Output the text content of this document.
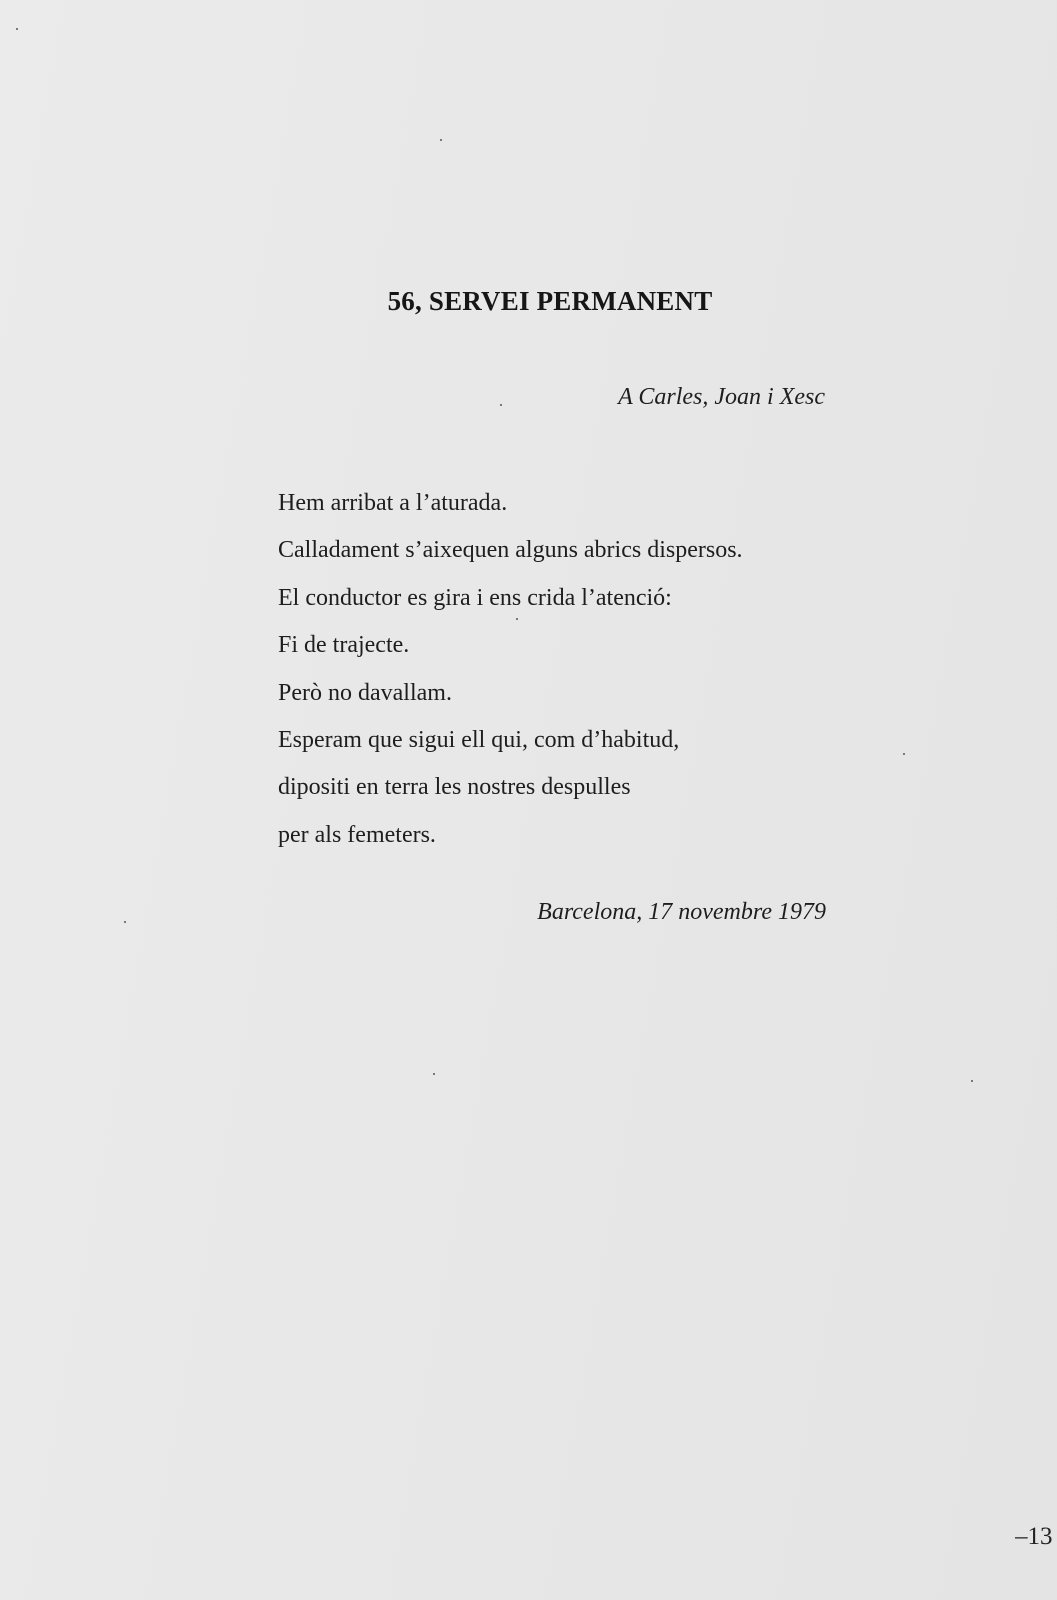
56, SERVEI PERMANENT
A Carles, Joan i Xesc
Hem arribat a l’aturada.
Calladament s’aixequen alguns abrics dispersos.
El conductor es gira i ens crida l’atenció:
Fi de trajecte.
Però no davallam.
Esperam que sigui ell qui, com d’habitud,
dipositi en terra les nostres despulles
per als femeters.
Barcelona, 17 novembre 1979
–13
